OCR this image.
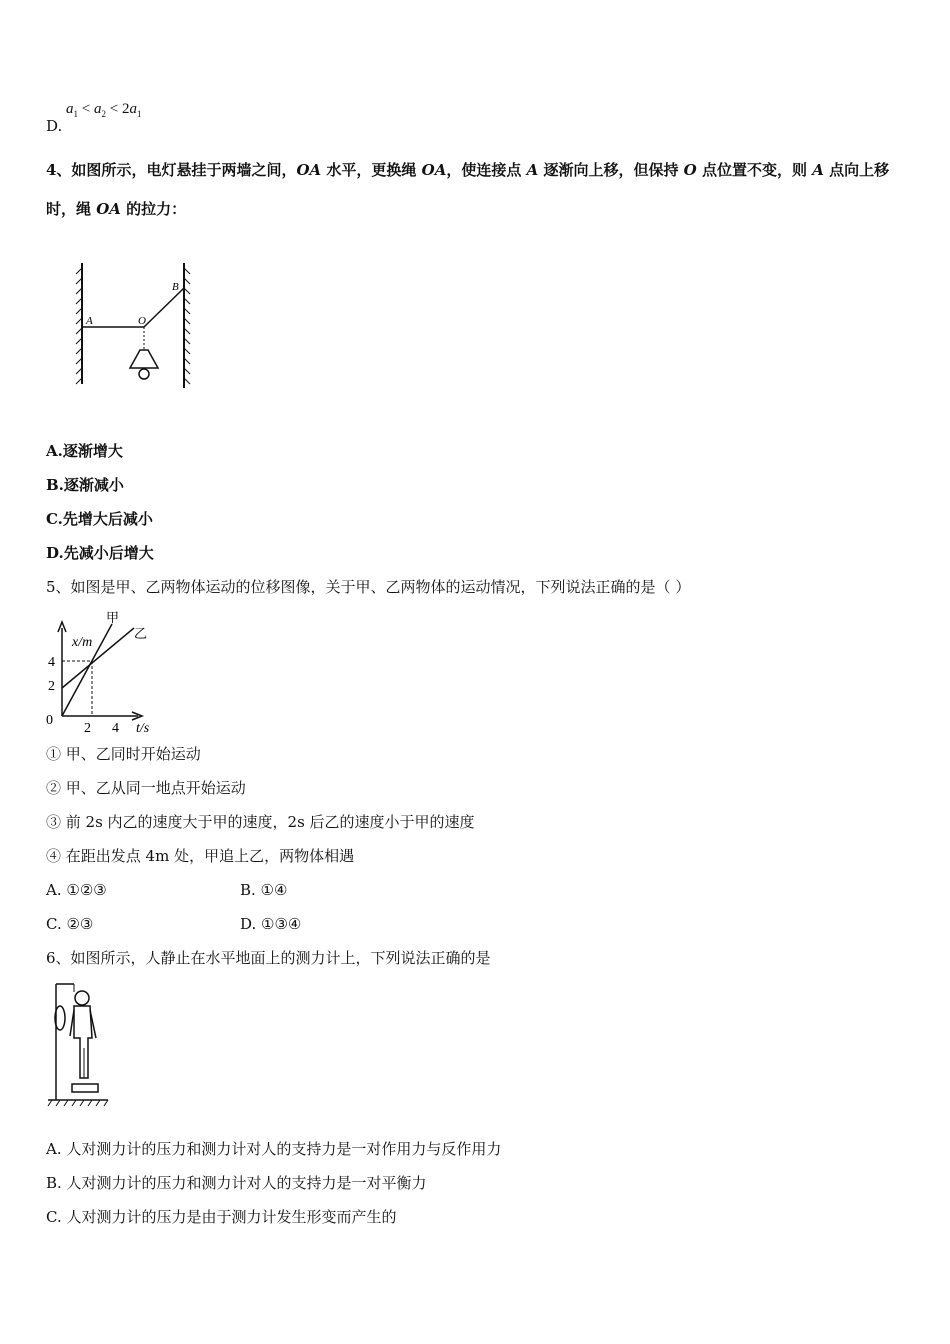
D.
$a_1 < a_2 < 2a_1$
4、如图所示，电灯悬挂于两墙之间，OA 水平，更换绳 OA，使连接点 A 逐渐向上移，但保持 O 点位置不变，则 A 点向上移
时，绳 OA 的拉力：
A	O
B
A.逐渐增大
B.逐渐减小
C.先增大后减小
D.先减小后增大
5、如图是甲、乙两物体运动的位移图像，关于甲、乙两物体的运动情况，下列说法正确的是（ ）
x/m
t/s
0
4
2
2 4
甲
乙
① 甲、乙同时开始运动
② 甲、乙从同一地点开始运动
③ 前 2s 内乙的速度大于甲的速度，2s 后乙的速度小于甲的速度
④ 在距出发点 4m 处，甲追上乙，两物体相遇
A. ①②③	B. ①④
C. ②③	D. ①③④
6、如图所示，人静止在水平地面上的测力计上，下列说法正确的是
A. 人对测力计的压力和测力计对人的支持力是一对作用力与反作用力
B. 人对测力计的压力和测力计对人的支持力是一对平衡力
C. 人对测力计的压力是由于测力计发生形变而产生的
